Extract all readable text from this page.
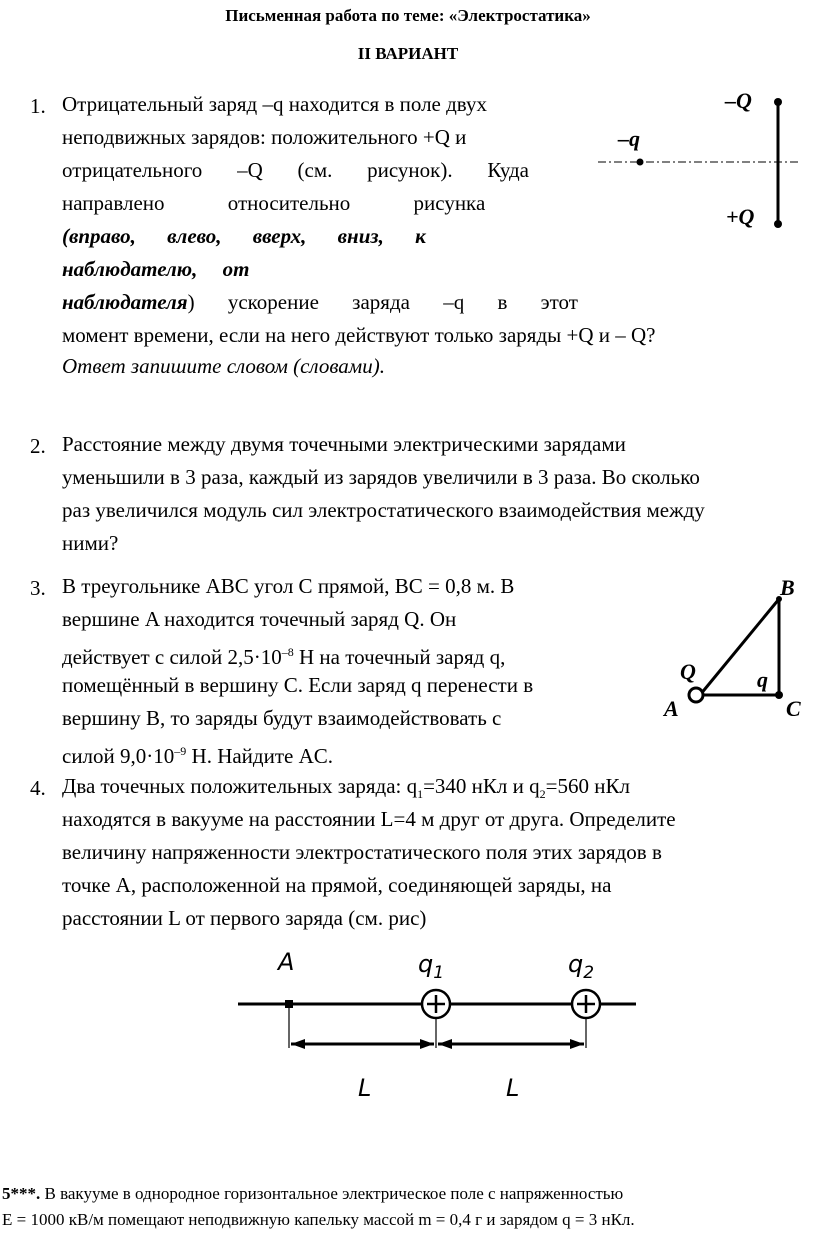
Письменная работа по теме: «Электростатика»
II ВАРИАНТ
1. Отрицательный заряд –q находится в поле двух
неподвижных зарядов: положительного +Q и
отрицательного –Q (см. рисунок). Куда
направлено относительно рисунка
(вправо, влево, вверх, вниз, к
наблюдателю, от
наблюдателя) ускорение заряда –q в этот
момент времени, если на него действуют только заряды +Q и – Q?
Ответ запишите словом (словами).
–Q
–q
+Q
2. Расстояние между двумя точечными электрическими зарядами
уменьшили в 3 раза, каждый из зарядов увеличили в 3 раза. Во сколько
раз увеличился модуль сил электростатического взаимодействия между
ними?
3. В треугольнике ABC угол C прямой, BC = 0,8 м. В
вершине A находится точечный заряд Q. Он
действует с силой $2,5\cdot 10^{-8}$ Н на точечный заряд q,
помещённый в вершину C. Если заряд q перенести в
вершину B, то заряды будут взаимодействовать с
силой $9,0\cdot 10^{-9}$ Н. Найдите AC.
B
Q	q
A	C
4. Два точечных положительных заряда: $q_1=340$ нКл и $q_2=560$ нКл
находятся в вакууме на расстоянии L=4 м друг от друга. Определите
величину напряженности электростатического поля этих зарядов в
точке А, расположенной на прямой, соединяющей заряды, на
расстоянии L от первого заряда (см. рис)
A	$q_1$	$q_2$
L	L
5***. В вакууме в однородное горизонтальное электрическое поле с напряженностью
E = 1000 кВ/м помещают неподвижную капельку массой m = 0,4 г и зарядом q = 3 нКл.
